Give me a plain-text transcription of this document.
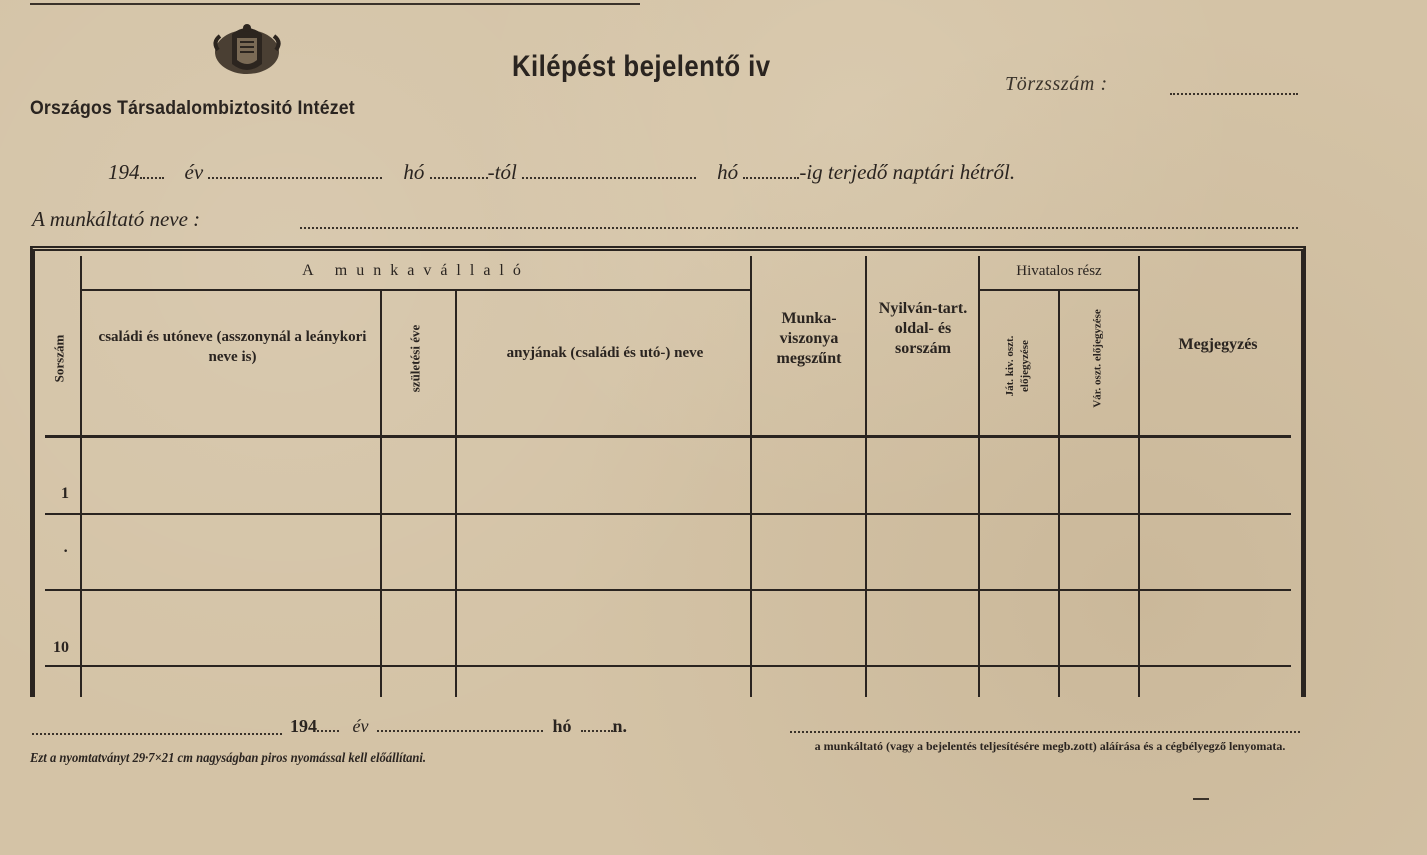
Országos Társadalombiztositó Intézet
Kilépést bejelentő iv
Törzsszám :
194 év	hó	-tól	hó	-ig terjedő naptári hétről.
A munkáltató neve :
A munkavállaló	Hivatalos rész
Sorszám	családi és utóneve (asszonynál a leánykori neve is)	születési éve	anyjának (családi és utó-) neve
Munka-viszonya megszűnt
Nyilván-tart. oldal- és sorszám	Ját. kiv. oszt. előjegyzése	Vár. oszt. előjegyzése	Megjegyzés
1
·
10
194 év	hó n.
Ezt a nyomtatványt 29·7×21 cm nagyságban piros nyomással kell előállítani.
a munkáltató (vagy a bejelentés teljesítésére megb.zott) aláírása és a cégbélyegző lenyomata.
